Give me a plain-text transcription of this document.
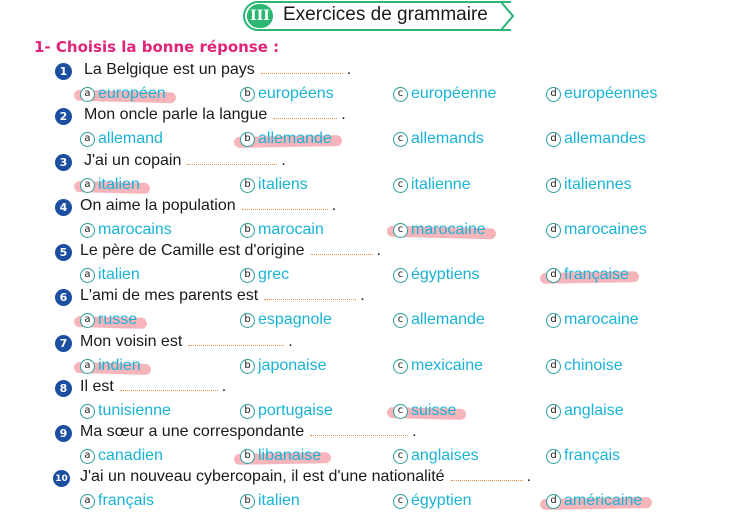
III Exercices de grammaire
1- Choisis la bonne réponse :
1 La Belgique est un pays	.
a européen	b européens	c européenne	d européennes
2 Mon oncle parle la langue	.
a allemand	b allemande	c allemands	d allemandes
3 J'ai un copain	.
a italien	b italiens	c italienne	d italiennes
4 On aime la population	.
a marocains	b marocain	c marocaine	d marocaines
5 Le père de Camille est d'origine	.
a italien	b grec	c égyptiens	d française
6 L'ami de mes parents est	.
a russe	b espagnole	c allemande	d marocaine
7 Mon voisin est	.
a indien	b japonaise	c mexicaine	d chinoise
8 Il est	.
a tunisienne	b portugaise	c suisse	d anglaise
9 Ma sœur a une correspondante	.
a canadien	b libanaise	c anglaises	d français
10 J'ai un nouveau cybercopain, il est d'une nationalité	.
a français	b italien	c égyptien	d américaine
